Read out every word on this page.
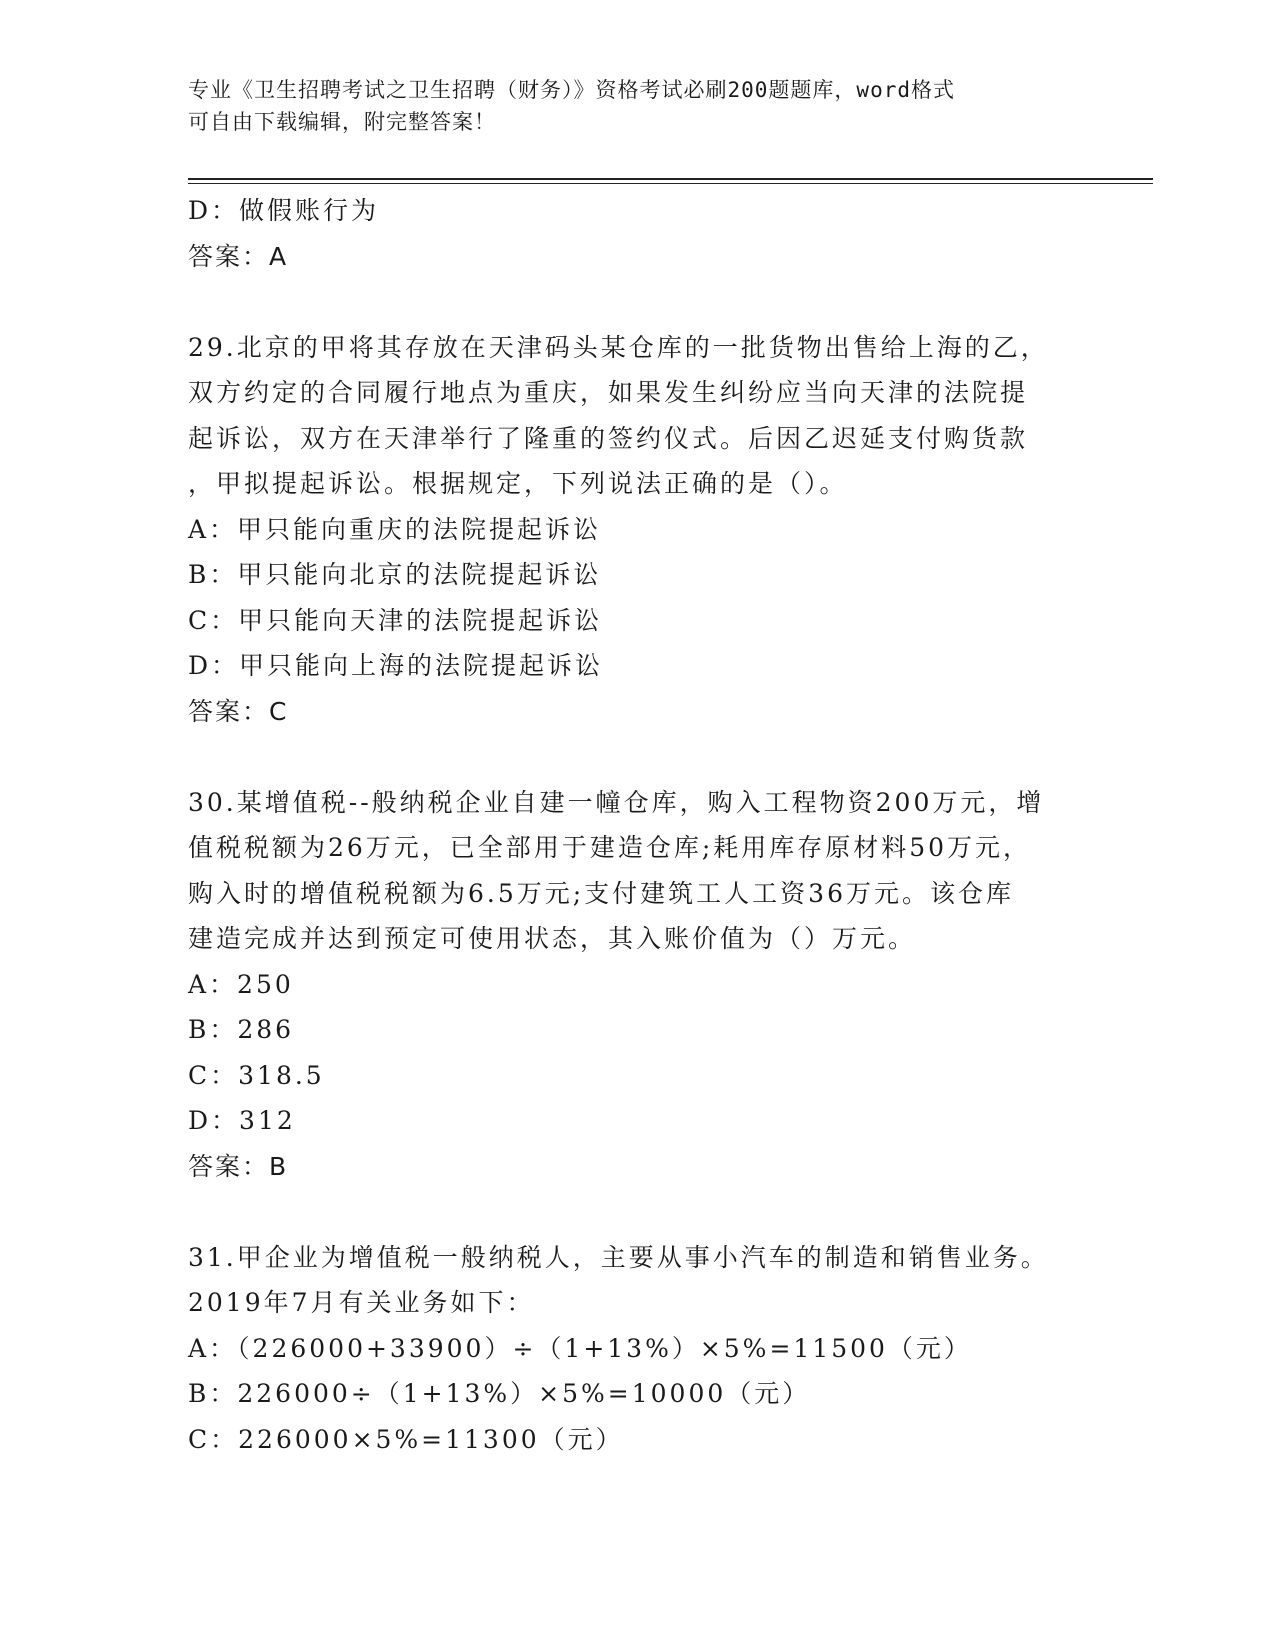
专业《卫生招聘考试之卫生招聘（财务）》资格考试必刷200题题库，word格式
可自由下载编辑，附完整答案！
D：做假账行为
答案：A
29.北京的甲将其存放在天津码头某仓库的一批货物出售给上海的乙，
双方约定的合同履行地点为重庆，如果发生纠纷应当向天津的法院提
起诉讼，双方在天津举行了隆重的签约仪式。后因乙迟延支付购货款
，甲拟提起诉讼。根据规定，下列说法正确的是（）。
A：甲只能向重庆的法院提起诉讼
B：甲只能向北京的法院提起诉讼
C：甲只能向天津的法院提起诉讼
D：甲只能向上海的法院提起诉讼
答案：C
30.某增值税--般纳税企业自建一幢仓库，购入工程物资200万元，增
值税税额为26万元，已全部用于建造仓库;耗用库存原材料50万元，
购入时的增值税税额为6.5万元;支付建筑工人工资36万元。该仓库
建造完成并达到预定可使用状态，其入账价值为（）万元。
A：250
B：286
C：318.5
D：312
答案：B
31.甲企业为增值税一般纳税人，主要从事小汽车的制造和销售业务。
2019年7月有关业务如下：
A：（226000+33900）÷（1+13%）×5%=11500（元）
B：226000÷（1+13%）×5%=10000（元）
C：226000×5%=11300（元）
